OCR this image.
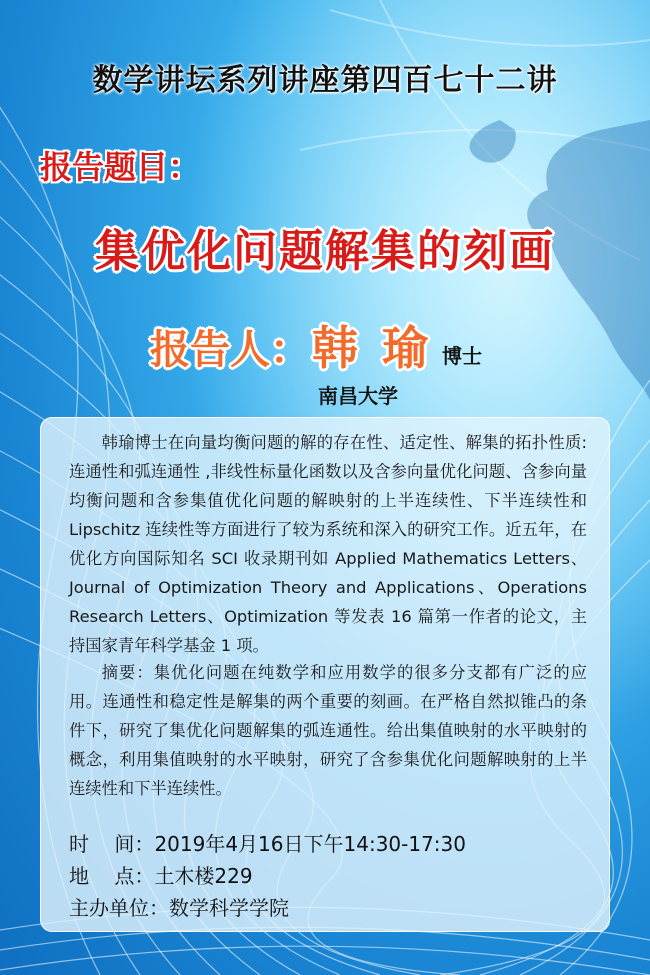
数学讲坛系列讲座第四百七十二讲
报告题目：
集优化问题解集的刻画
报告人： 韩瑜
博士
南昌大学

韩瑜博士在向量均衡问题的解的存在性、适定性、解集的拓扑性质:连通性和弧连通性 ,非线性标量化函数以及含参向量优化问题、含参向量均衡问题和含参集值优化问题的解映射的上半连续性、下半连续性和 Lipschitz 连续性等方面进行了较为系统和深入的研究工作。近五年，在优化方向国际知名 SCI 收录期刊如 Applied Mathematics Letters、Journal of Optimization Theory and Applications、Operations Research Letters、Optimization 等发表 16 篇第一作者的论文，主持国家青年科学基金 1 项。

摘要：集优化问题在纯数学和应用数学的很多分支都有广泛的应用。连通性和稳定性是解集的两个重要的刻画。在严格自然拟锥凸的条件下，研究了集优化问题解集的弧连通性。给出集值映射的水平映射的概念，利用集值映射的水平映射，研究了含参集优化问题解映射的上半连续性和下半连续性。

时    间：2019年4月16日下午14:30-17:30
地    点：土木楼229
主办单位：数学科学学院
